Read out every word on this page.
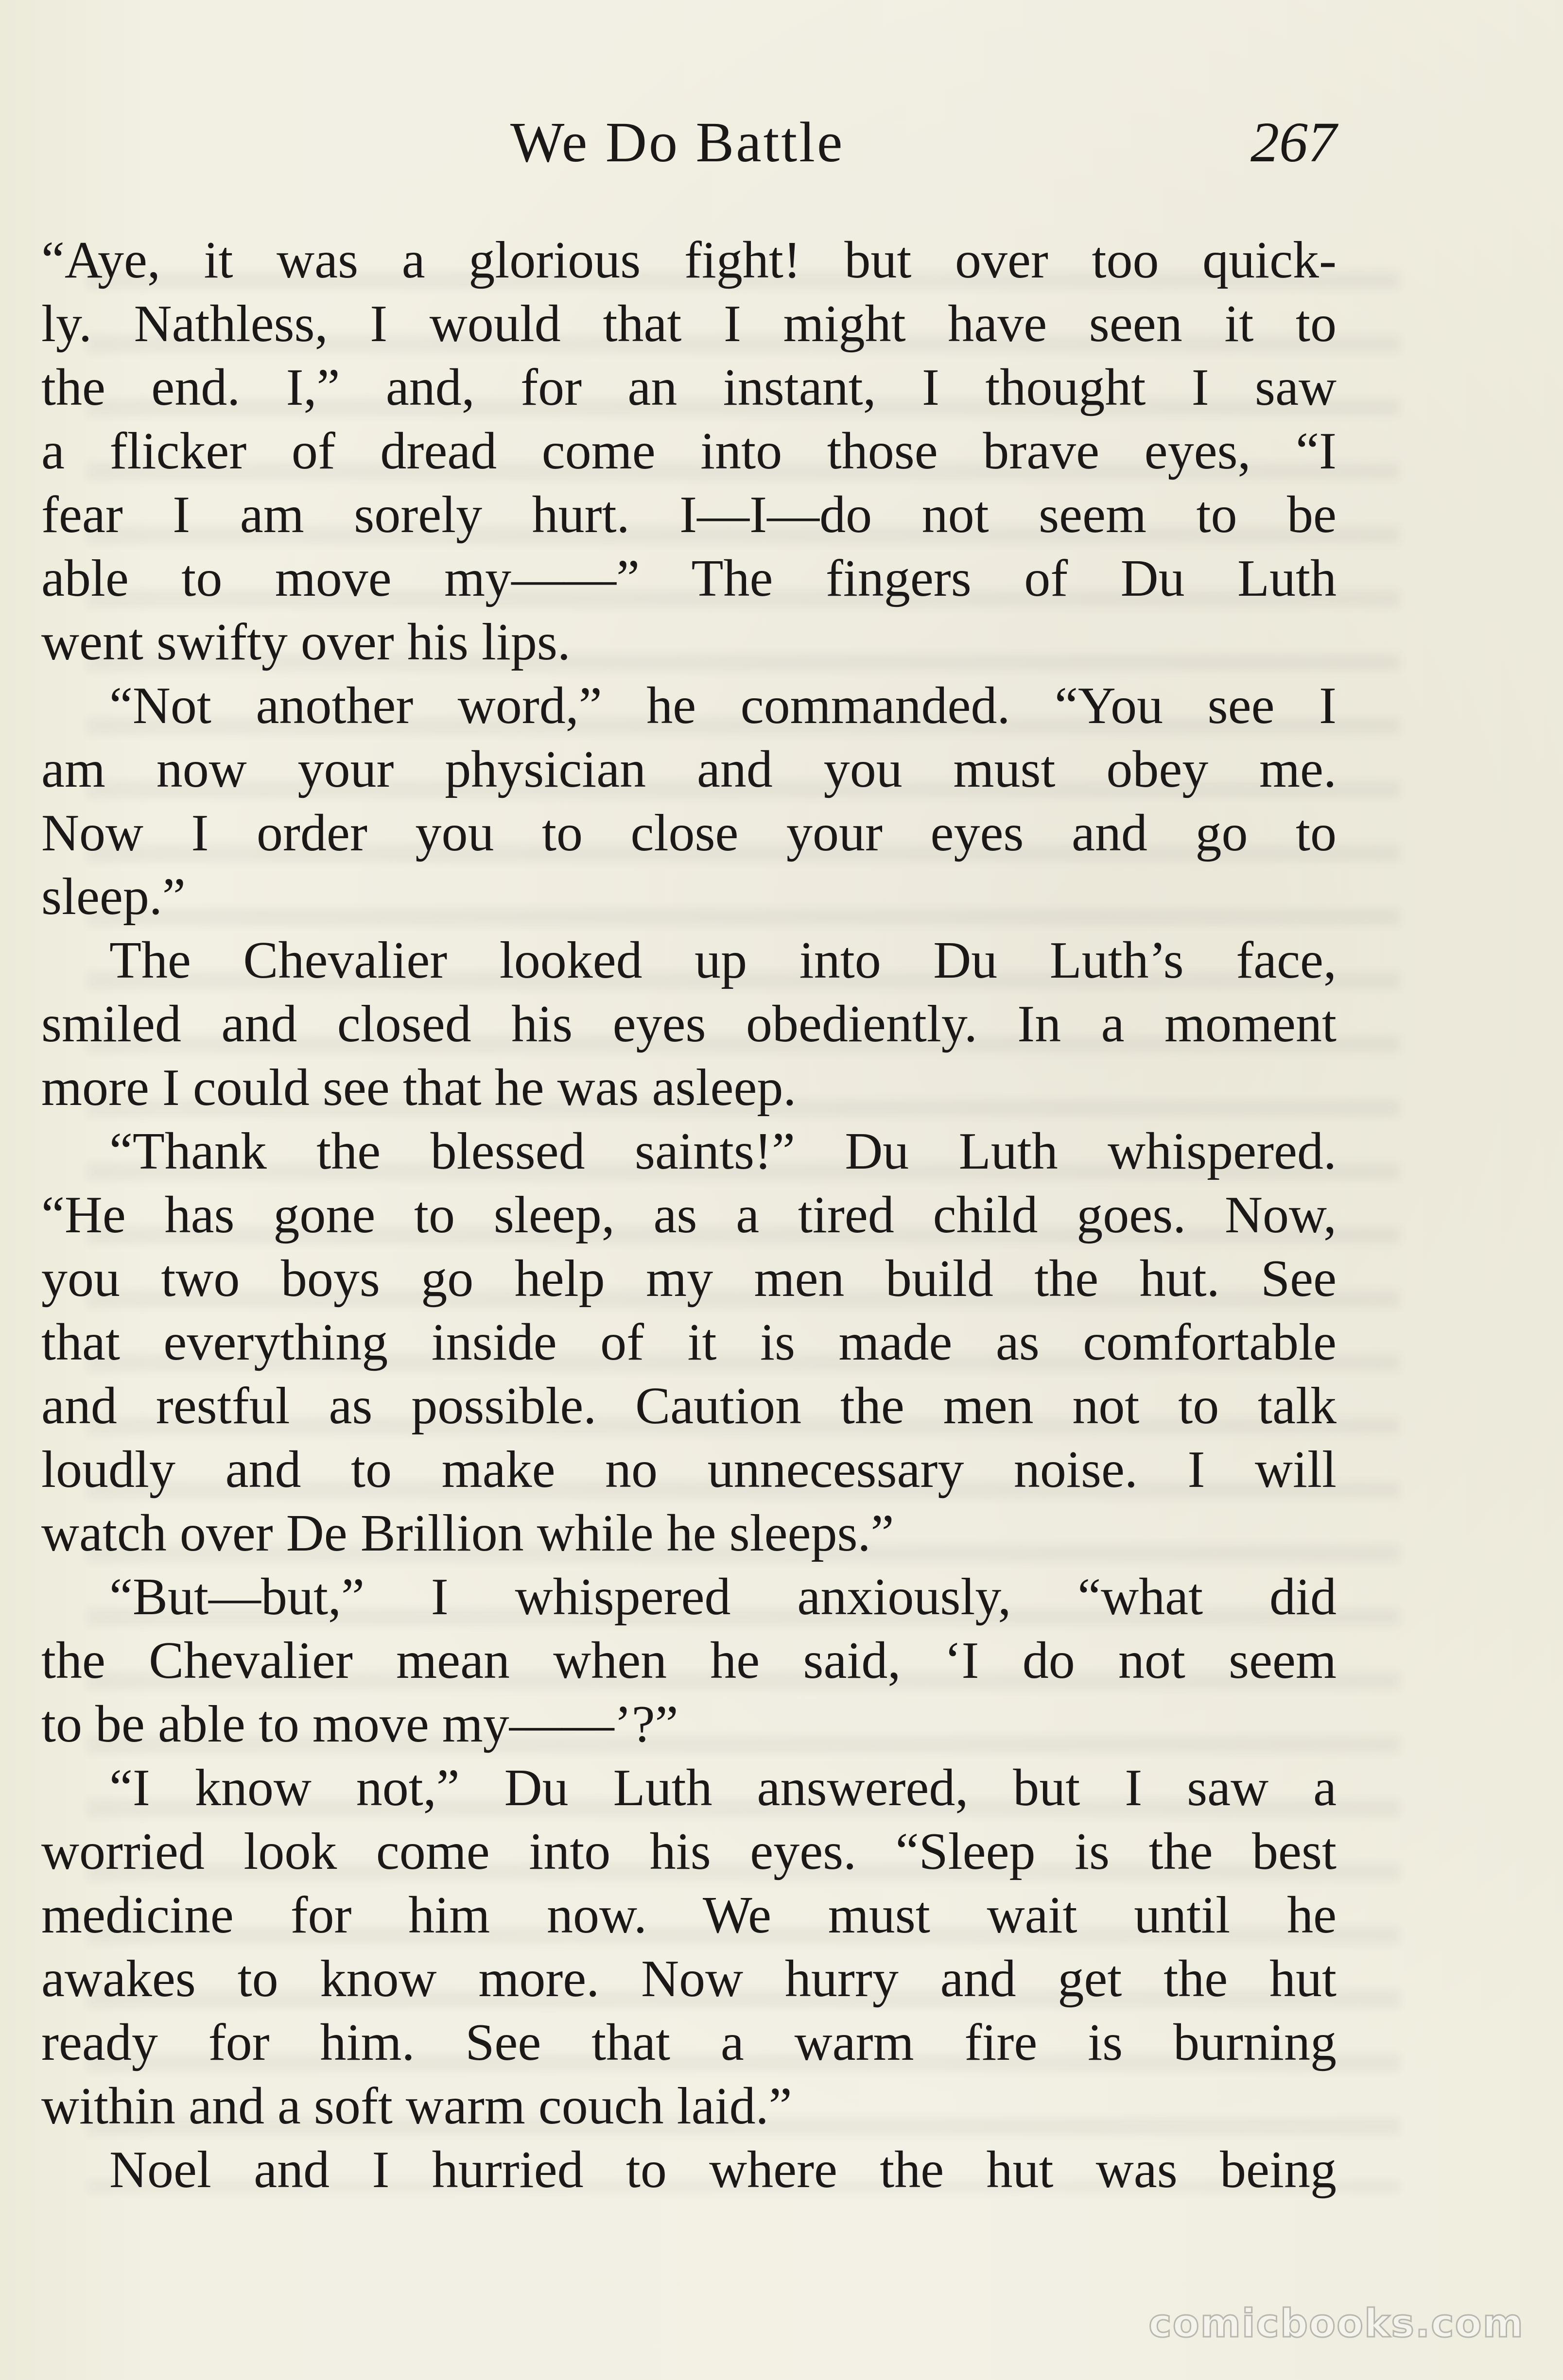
We Do Battle	267
“Aye, it was a glorious fight! but over too quick-
ly. Nathless, I would that I might have seen it to
the end. I,” and, for an instant, I thought I saw
a flicker of dread come into those brave eyes, “I
fear I am sorely hurt. I—I—do not seem to be
able to move my——” The fingers of Du Luth
went swifty over his lips.
“Not another word,” he commanded. “You see I
am now your physician and you must obey me.
Now I order you to close your eyes and go to
sleep.”
The Chevalier looked up into Du Luth’s face,
smiled and closed his eyes obediently. In a moment
more I could see that he was asleep.
“Thank the blessed saints!” Du Luth whispered.
“He has gone to sleep, as a tired child goes. Now,
you two boys go help my men build the hut. See
that everything inside of it is made as comfortable
and restful as possible. Caution the men not to talk
loudly and to make no unnecessary noise. I will
watch over De Brillion while he sleeps.”
“But—but,” I whispered anxiously, “what did
the Chevalier mean when he said, ‘I do not seem
to be able to move my——’?”
“I know not,” Du Luth answered, but I saw a
worried look come into his eyes. “Sleep is the best
medicine for him now. We must wait until he
awakes to know more. Now hurry and get the hut
ready for him. See that a warm fire is burning
within and a soft warm couch laid.”
Noel and I hurried to where the hut was being
comicbooks.com
